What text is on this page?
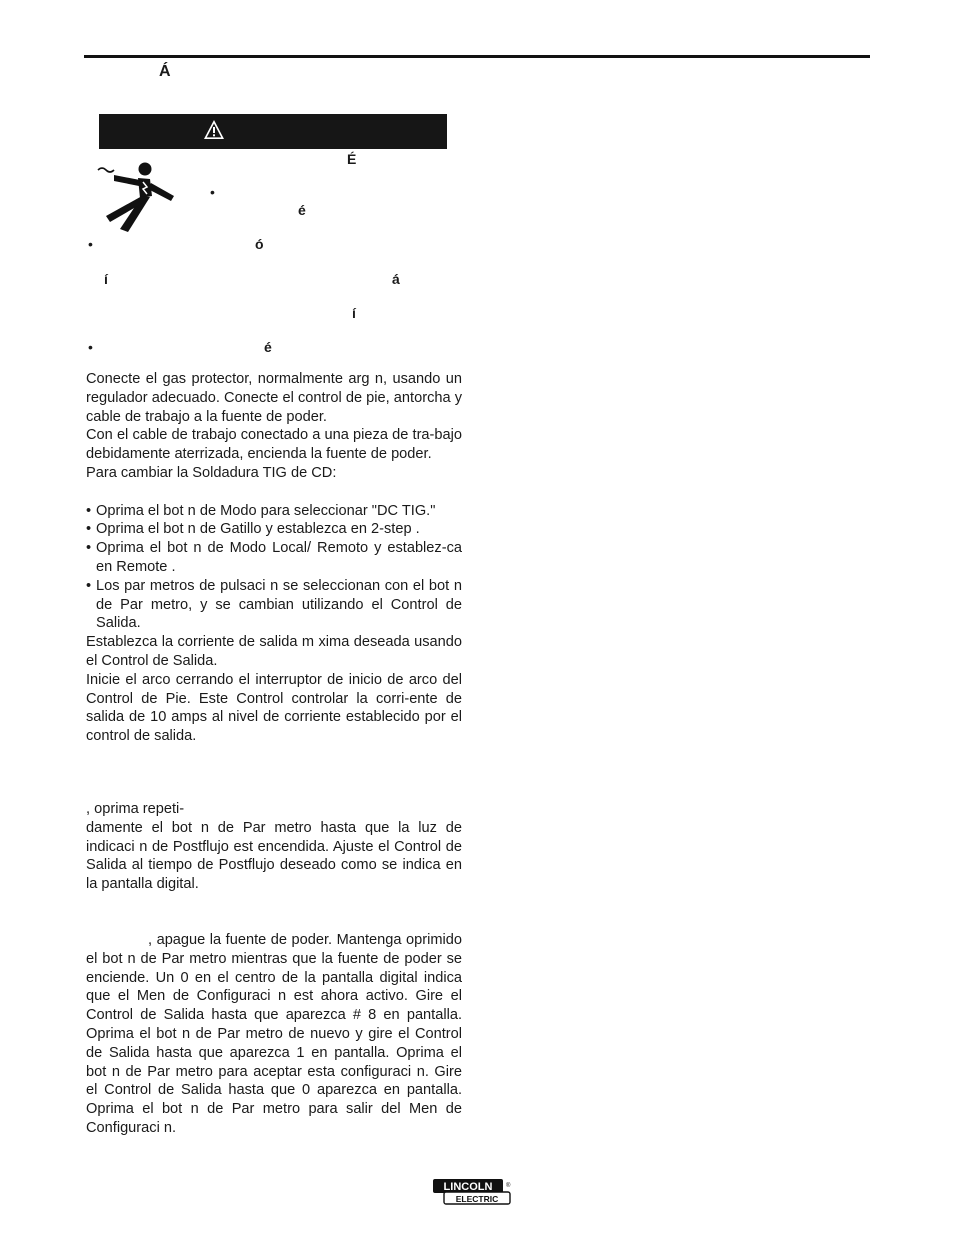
Á
É
•
é
•	ó
í	á
í
•	é

Conecte el gas protector, normalmente arg n, usando un regulador adecuado. Conecte el control de pie, antorcha y cable de trabajo a la fuente de poder.

Con el cable de trabajo conectado a una pieza de tra-bajo debidamente aterrizada, encienda la fuente de poder.

Para cambiar la Soldadura TIG de CD:

• Oprima el bot n de Modo para seleccionar "DC TIG."

• Oprima el bot n de Gatillo y establezca en 2-step .

• Oprima el bot n de Modo Local/ Remoto y establez-ca en Remote .

• Los par metros de pulsaci n se seleccionan con el bot n de Par metro, y se cambian utilizando el Control de Salida.

Establezca la corriente de salida m xima deseada usando el Control de Salida.

Inicie el arco cerrando el interruptor de inicio de arco del Control de Pie. Este Control controlar la corri-ente de salida de 10 amps al nivel de corriente establecido por el control de salida.

, oprima repeti-

damente el bot n de Par metro hasta que la luz de indicaci n de Postflujo est encendida. Ajuste el Control de Salida al tiempo de Postflujo deseado como se indica en la pantalla digital.

, apague la fuente de poder. Mantenga oprimido el bot n de Par metro mientras que la fuente de poder se enciende. Un 0 en el centro de la pantalla digital indica que el Men de Configuraci n est ahora activo. Gire el Control de Salida hasta que aparezca # 8 en pantalla. Oprima el bot n de Par metro de nuevo y gire el Control de Salida hasta que aparezca 1 en pantalla. Oprima el bot n de Par metro para aceptar esta configuraci n. Gire el Control de Salida hasta que 0 aparezca en pantalla. Oprima el bot n de Par metro para salir del Men de Configuraci n.

LINCOLN
ELECTRIC
®
